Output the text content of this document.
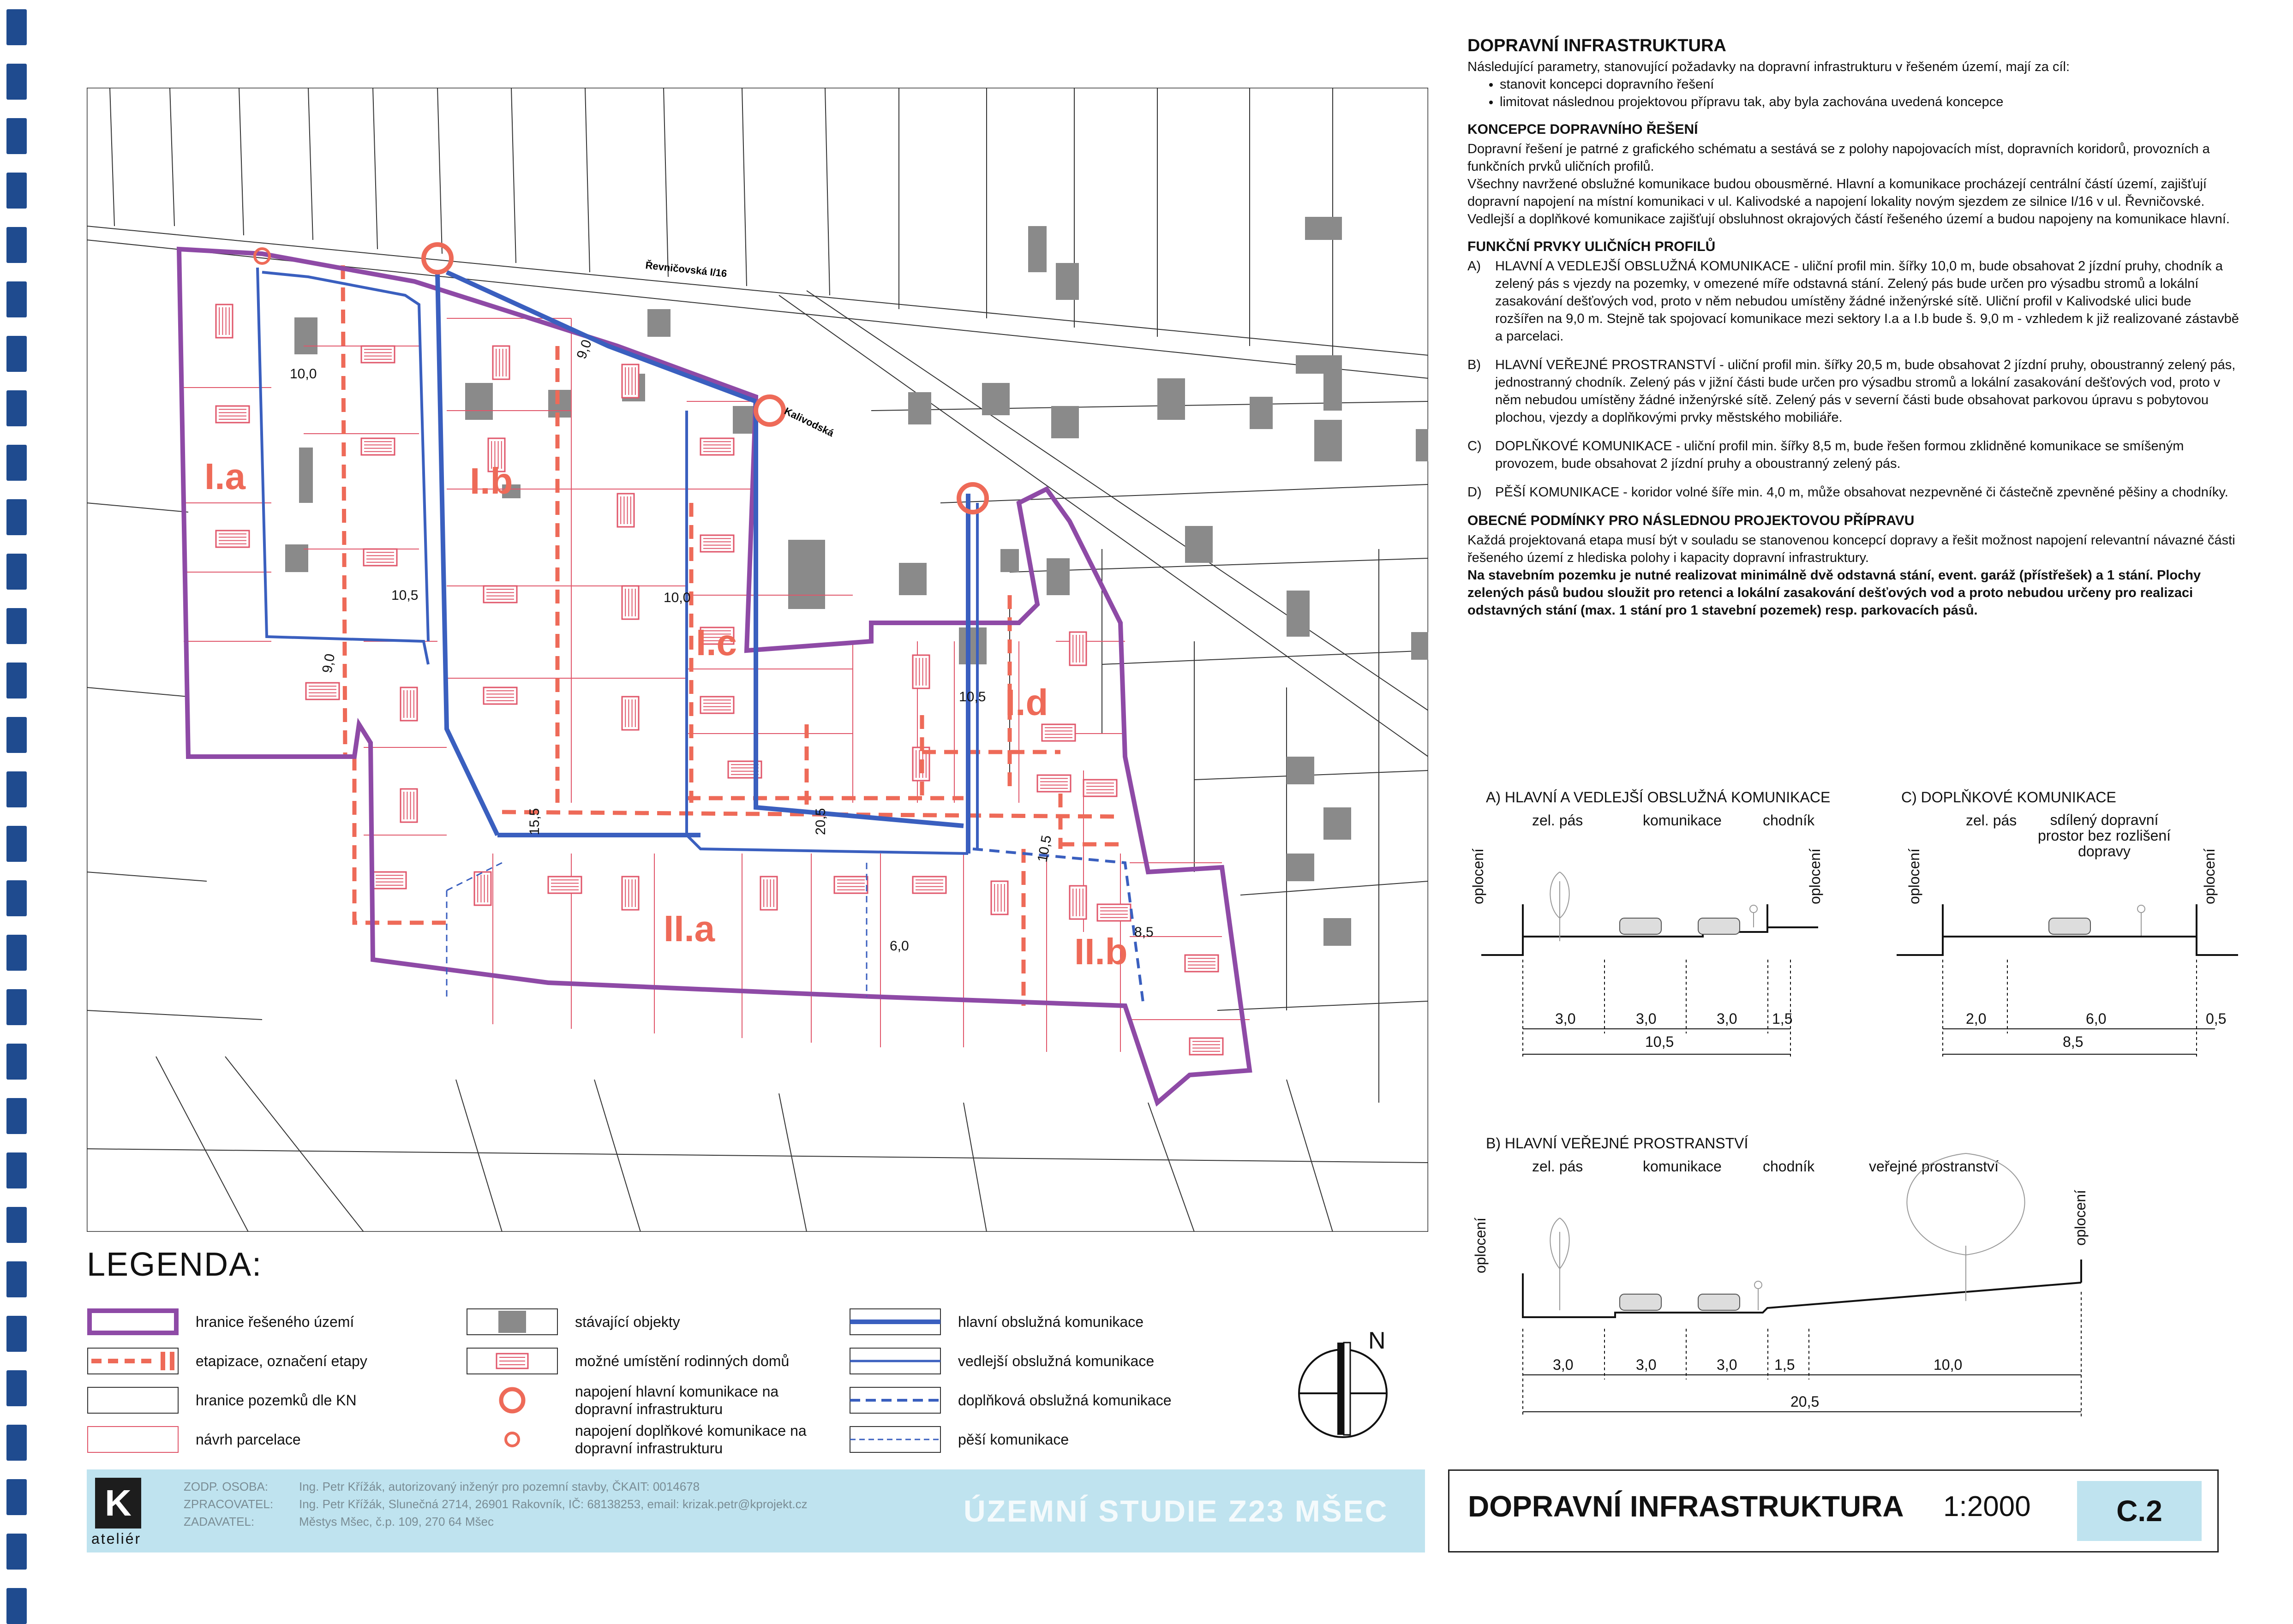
Řevničovská I/16
Kalivodská
I.a	I.b
I.c
I.d
II.a
II.b
10,0
10,5
9,0
9,0
10,0
15,5	20,5
10,5
6,0
8,5
10,5
LEGENDA:
hranice řešeného území
etapizace, označení etapy
hranice pozemků dle KN
návrh parcelace
stávající objekty
možné umístění rodinných domů
napojení hlavní komunikace na dopravní infrastrukturu
napojení doplňkové komunikace na dopravní infrastrukturu
hlavní obslužná komunikace
vedlejší obslužná komunikace
doplňková obslužná komunikace
pěší komunikace
N
DOPRAVNÍ INFRASTRUKTURA

Následující parametry, stanovující požadavky na dopravní infrastrukturu v řešeném území, mají za cíl:

• stanovit koncepci dopravního řešení
• limitovat následnou projektovou přípravu tak, aby byla zachována uvedená koncepce
KONCEPCE DOPRAVNÍHO ŘEŠENÍ

Dopravní řešení je patrné z grafického schématu a sestává se z polohy napojovacích míst, dopravních koridorů, provozních a funkčních prvků uličních profilů.

Všechny navržené obslužné komunikace budou obousměrné. Hlavní a komunikace procházejí centrální částí území, zajišťují dopravní napojení na místní komunikaci v ul. Kalivodské a napojení lokality novým sjezdem ze silnice I/16 v ul. Řevničovské. Vedlejší a doplňkové komunikace zajišťují obsluhnost okrajových částí řešeného území a budou napojeny na komunikace hlavní.

FUNKČNÍ PRVKY ULIČNÍCH PROFILŮ
A)	HLAVNÍ A VEDLEJŠÍ OBSLUŽNÁ KOMUNIKACE - uliční profil min. šířky 10,0 m, bude obsahovat 2 jízdní pruhy, chodník a zelený pás s vjezdy na pozemky, v omezené míře odstavná stání. Zelený pás bude určen pro výsadbu stromů a lokální zasakování dešťových vod, proto v něm nebudou umístěny žádné inženýrské sítě. Uliční profil v Kalivodské ulici bude rozšířen na 9,0 m. Stejně tak spojovací komunikace mezi sektory I.a a I.b bude š. 9,0 m - vzhledem k již realizované zástavbě a parcelaci.
B)	HLAVNÍ VEŘEJNÉ PROSTRANSTVÍ - uliční profil min. šířky 20,5 m, bude obsahovat 2 jízdní pruhy, oboustranný zelený pás, jednostranný chodník. Zelený pás v jižní části bude určen pro výsadbu stromů a lokální zasakování dešťových vod, proto v něm nebudou umístěny žádné inženýrské sítě. Zelený pás v severní části bude obsahovat parkovou úpravu s pobytovou plochou, vjezdy a doplňkovými prvky městského mobiliáře.
C)	DOPLŇKOVÉ KOMUNIKACE - uliční profil min. šířky 8,5 m, bude řešen formou zklidněné komunikace se smíšeným provozem, bude obsahovat 2 jízdní pruhy a oboustranný zelený pás.
D)	PĚŠÍ KOMUNIKACE - koridor volné šíře min. 4,0 m, může obsahovat nezpevněné či částečně zpevněné pěšiny a chodníky.
OBECNÉ PODMÍNKY PRO NÁSLEDNOU PROJEKTOVOU PŘÍPRAVU

Každá projektovaná etapa musí být v souladu se stanovenou koncepcí dopravy a řešit možnost napojení relevantní návazné části řešeného území z hlediska polohy i kapacity dopravní infrastruktury.

Na stavebním pozemku je nutné realizovat minimálně dvě odstavná stání, event. garáž (přístřešek) a 1 stání. Plochy zelených pásů budou sloužit pro retenci a lokální zasakování dešťových vod a proto nebudou určeny pro realizaci odstavných stání (max. 1 stání pro 1 stavební pozemek) resp. parkovacích pásů.

A) HLAVNÍ A VEDLEJŠÍ OBSLUŽNÁ KOMUNIKACE
zel. pás	komunikace	chodník
3,0	3,0	3,0 1,5
10,5
oplocení	oplocení
C) DOPLŇKOVÉ KOMUNIKACE
zel. pás	sdílený dopravní prostor bez rozlišení dopravy
2,0	6,0	0,5
8,5
oplocení	oplocení
B) HLAVNÍ VEŘEJNÉ PROSTRANSTVÍ
zel. pás	komunikace	chodník	veřejné prostranství
3,0	3,0	3,0	1,5	10,0
20,5
oplocení	oplocení
K
ateliér
ZODP. OSOBA:	Ing. Petr Křížák, autorizovaný inženýr pro pozemní stavby, ČKAIT: 0014678
ZPRACOVATEL: Ing. Petr Křížák, Slunečná 2714, 26901 Rakovník, IČ: 68138253, email: krizak.petr@kprojekt.cz
ZADAVATEL:	Městys Mšec, č.p. 109, 270 64 Mšec	ÚZEMNÍ STUDIE Z23 MŠEC	DOPRAVNÍ INFRASTRUKTURA 1:2000	C.2
